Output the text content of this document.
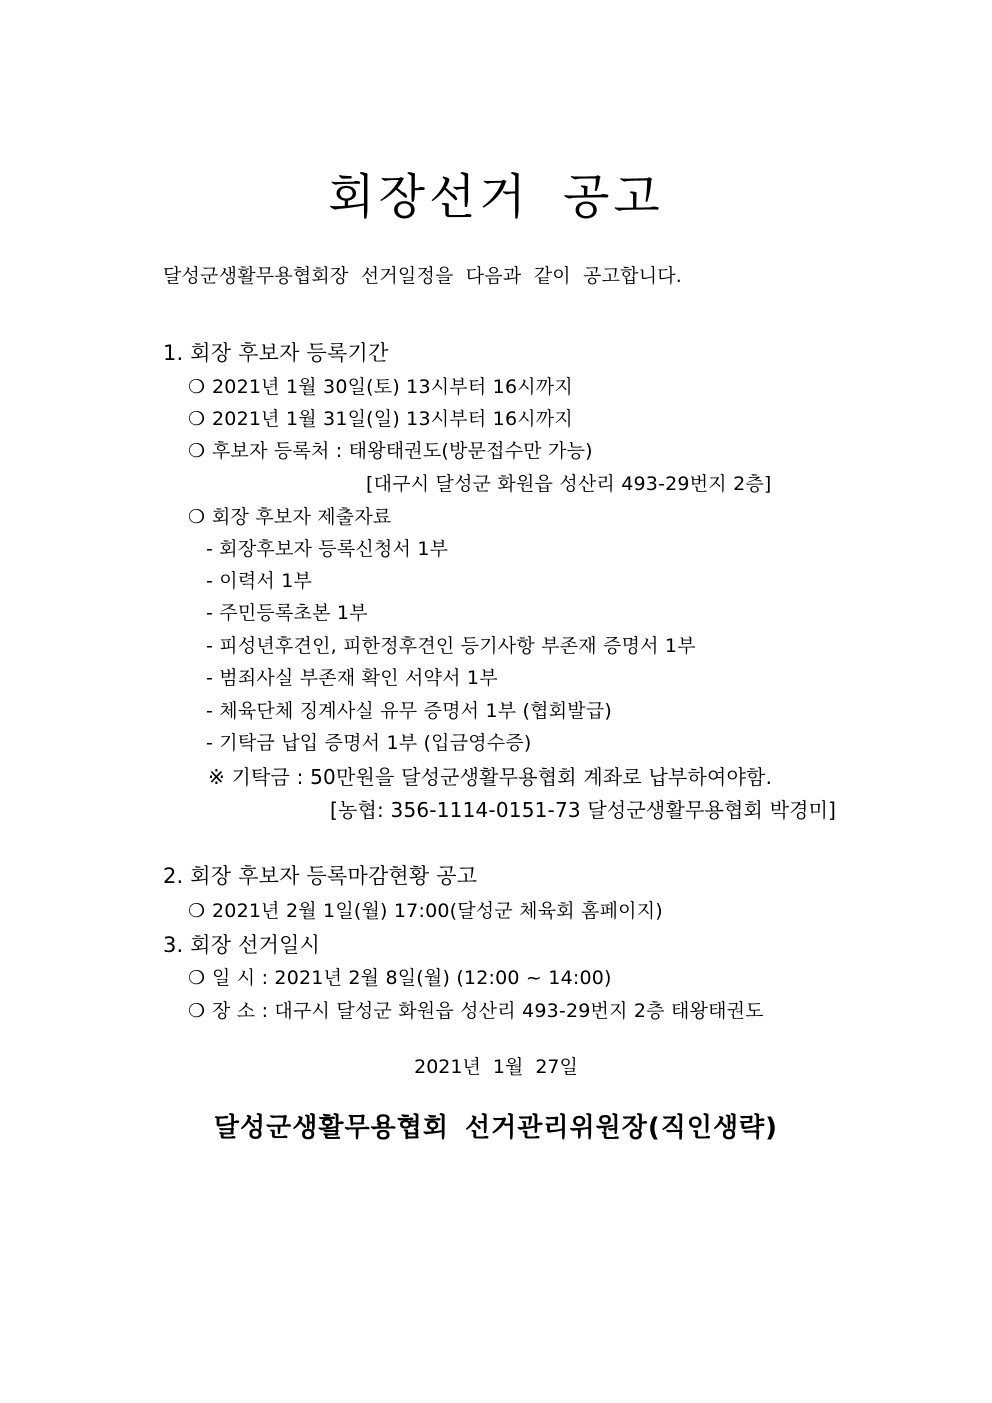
회장선거 공고
달성군생활무용협회장 선거일정을 다음과 같이 공고합니다.
1. 회장 후보자 등록기간
❍ 2021년 1월 30일(토) 13시부터 16시까지
❍ 2021년 1월 31일(일) 13시부터 16시까지
❍ 후보자 등록처 : 태왕태권도(방문접수만 가능)
[대구시 달성군 화원읍 성산리 493-29번지 2층]
❍ 회장 후보자 제출자료
- 회장후보자 등록신청서 1부
- 이력서 1부
- 주민등록초본 1부
- 피성년후견인, 피한정후견인 등기사항 부존재 증명서 1부
- 범죄사실 부존재 확인 서약서 1부
- 체육단체 징계사실 유무 증명서 1부 (협회발급)
- 기탁금 납입 증명서 1부 (입금영수증)
※ 기탁금 : 50만원을 달성군생활무용협회 계좌로 납부하여야함.
[농협: 356-1114-0151-73 달성군생활무용협회 박경미]
2. 회장 후보자 등록마감현황 공고
❍ 2021년 2월 1일(월) 17:00(달성군 체육회 홈페이지)
3. 회장 선거일시
❍ 일 시 : 2021년 2월 8일(월) (12:00 ~ 14:00)
❍ 장 소 : 대구시 달성군 화원읍 성산리 493-29번지 2층 태왕태권도
2021년 1월 27일
달성군생활무용협회 선거관리위원장(직인생략)
